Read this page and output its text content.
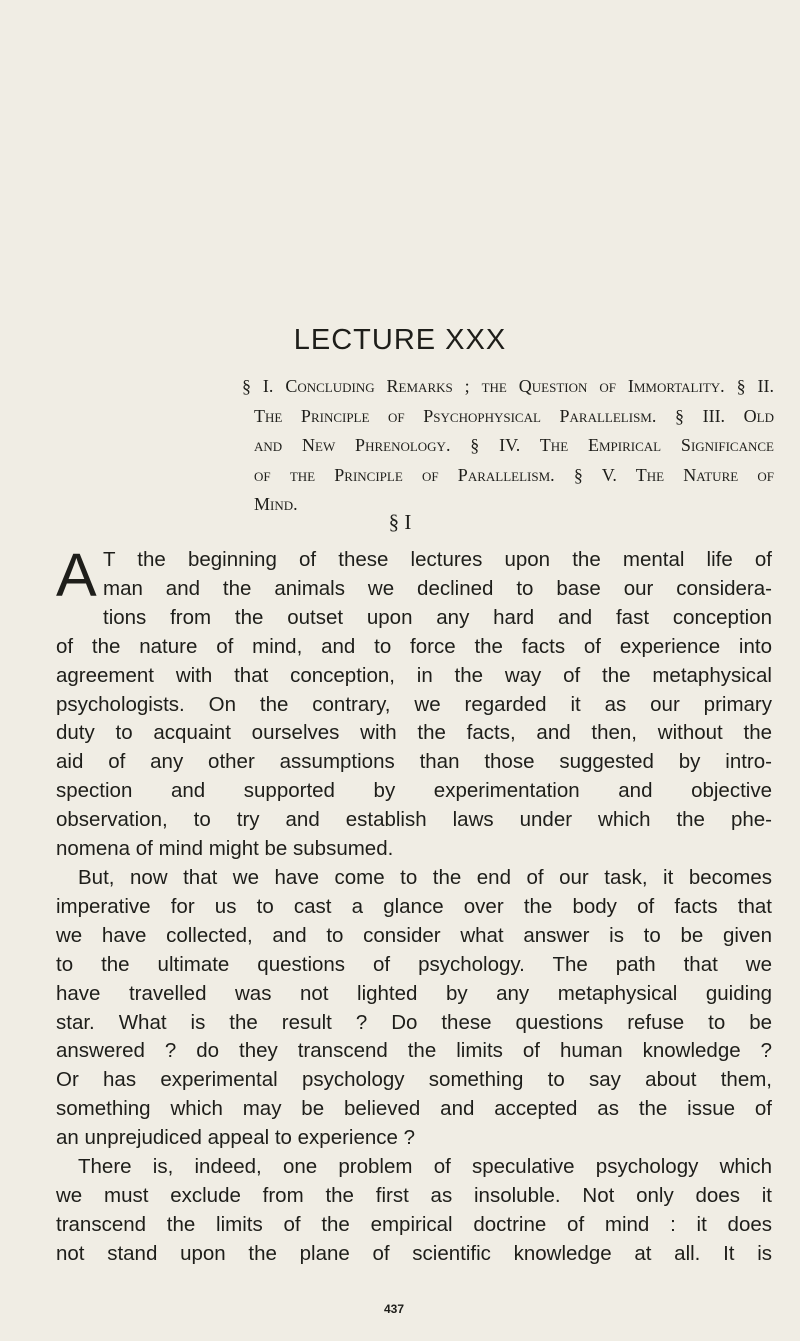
LECTURE XXX
§ I. Concluding Remarks ; the Question of Immortality. § II.
The Principle of Psychophysical Parallelism. § III. Old
and New Phrenology. § IV. The Empirical Significance
of the Principle of Parallelism. § V. The Nature of
Mind.

§ I

A T the beginning of these lectures upon the mental life of
man and the animals we declined to base our considera-
tions from the outset upon any hard and fast conception
of the nature of mind, and to force the facts of experience into
agreement with that conception, in the way of the metaphysical
psychologists. On the contrary, we regarded it as our primary
duty to acquaint ourselves with the facts, and then, without the
aid of any other assumptions than those suggested by intro-
spection and supported by experimentation and objective
observation, to try and establish laws under which the phe-
nomena of mind might be subsumed.
But, now that we have come to the end of our task, it becomes
imperative for us to cast a glance over the body of facts that
we have collected, and to consider what answer is to be given
to the ultimate questions of psychology. The path that we
have travelled was not lighted by any metaphysical guiding
star. What is the result ? Do these questions refuse to be
answered ? do they transcend the limits of human knowledge ?
Or has experimental psychology something to say about them,
something which may be believed and accepted as the issue of
an unprejudiced appeal to experience ?
There is, indeed, one problem of speculative psychology which
we must exclude from the first as insoluble. Not only does it
transcend the limits of the empirical doctrine of mind : it does
not stand upon the plane of scientific knowledge at all. It is

437
